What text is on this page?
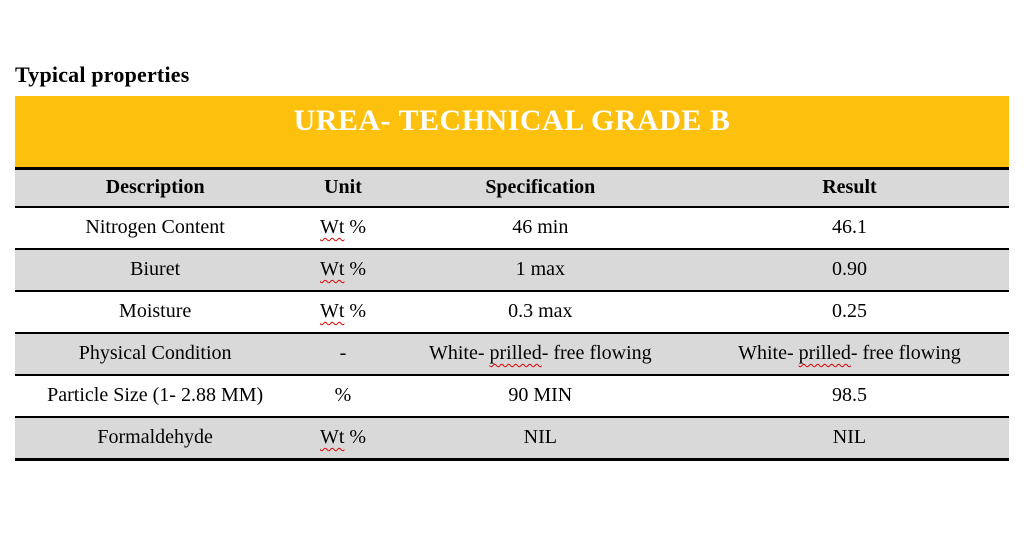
Typical properties
UREA- TECHNICAL GRADE B
Description	Unit	Specification	Result
Nitrogen Content	Wt %	46 min	46.1
Biuret	Wt %	1 max	0.90
Moisture	Wt %	0.3 max	0.25
Physical Condition	-	White- prilled- free flowing	White- prilled- free flowing
Particle Size (1- 2.88 MM)	%	90 MIN	98.5
Formaldehyde	Wt %	NIL	NIL
